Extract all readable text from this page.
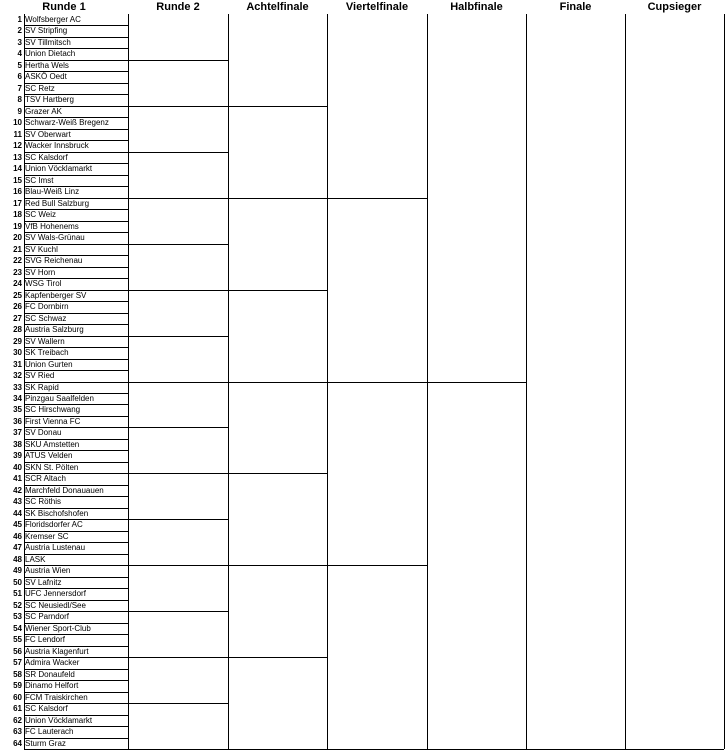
Runde 1	Runde 2	Achtelfinale	Viertelfinale	Halbfinale	Finale	Cupsieger
1 Wolfsberger AC
2 SV Stripfing
3 SV Tillmitsch
4 Union Dietach
5 Hertha Wels
6 ASKÖ Oedt
7 SC Retz
8 TSV Hartberg
9 Grazer AK
10 Schwarz-Weiß Bregenz
11 SV Oberwart
12 Wacker Innsbruck
13 SC Kalsdorf
14 Union Vöcklamarkt
15 SC Imst
16 Blau-Weiß Linz
17 Red Bull Salzburg
18 SC Weiz
19 VfB Hohenems
20 SV Wals-Grünau
21 SV Kuchl
22 SVG Reichenau
23 SV Horn
24 WSG Tirol
25 Kapfenberger SV
26 FC Dornbirn
27 SC Schwaz
28 Austria Salzburg
29 SV Wallern
30 SK Treibach
31 Union Gurten
32 SV Ried
33 SK Rapid
34 Pinzgau Saalfelden
35 SC Hirschwang
36 First Vienna FC
37 SV Donau
38 SKU Amstetten
39 ATUS Velden
40 SKN St. Pölten
41 SCR Altach
42 Marchfeld Donauauen
43 SC Röthis
44 SK Bischofshofen
45 Floridsdorfer AC
46 Kremser SC
47 Austria Lustenau
48 LASK
49 Austria Wien
50 SV Lafnitz
51 UFC Jennersdorf
52 SC Neusiedl/See
53 SC Parndorf
54 Wiener Sport-Club
55 FC Lendorf
56 Austria Klagenfurt
57 Admira Wacker
58 SR Donaufeld
59 Dinamo Helfort
60 FCM Traiskirchen
61 SC Kalsdorf
62 Union Vöcklamarkt
63 FC Lauterach
64 Sturm Graz
